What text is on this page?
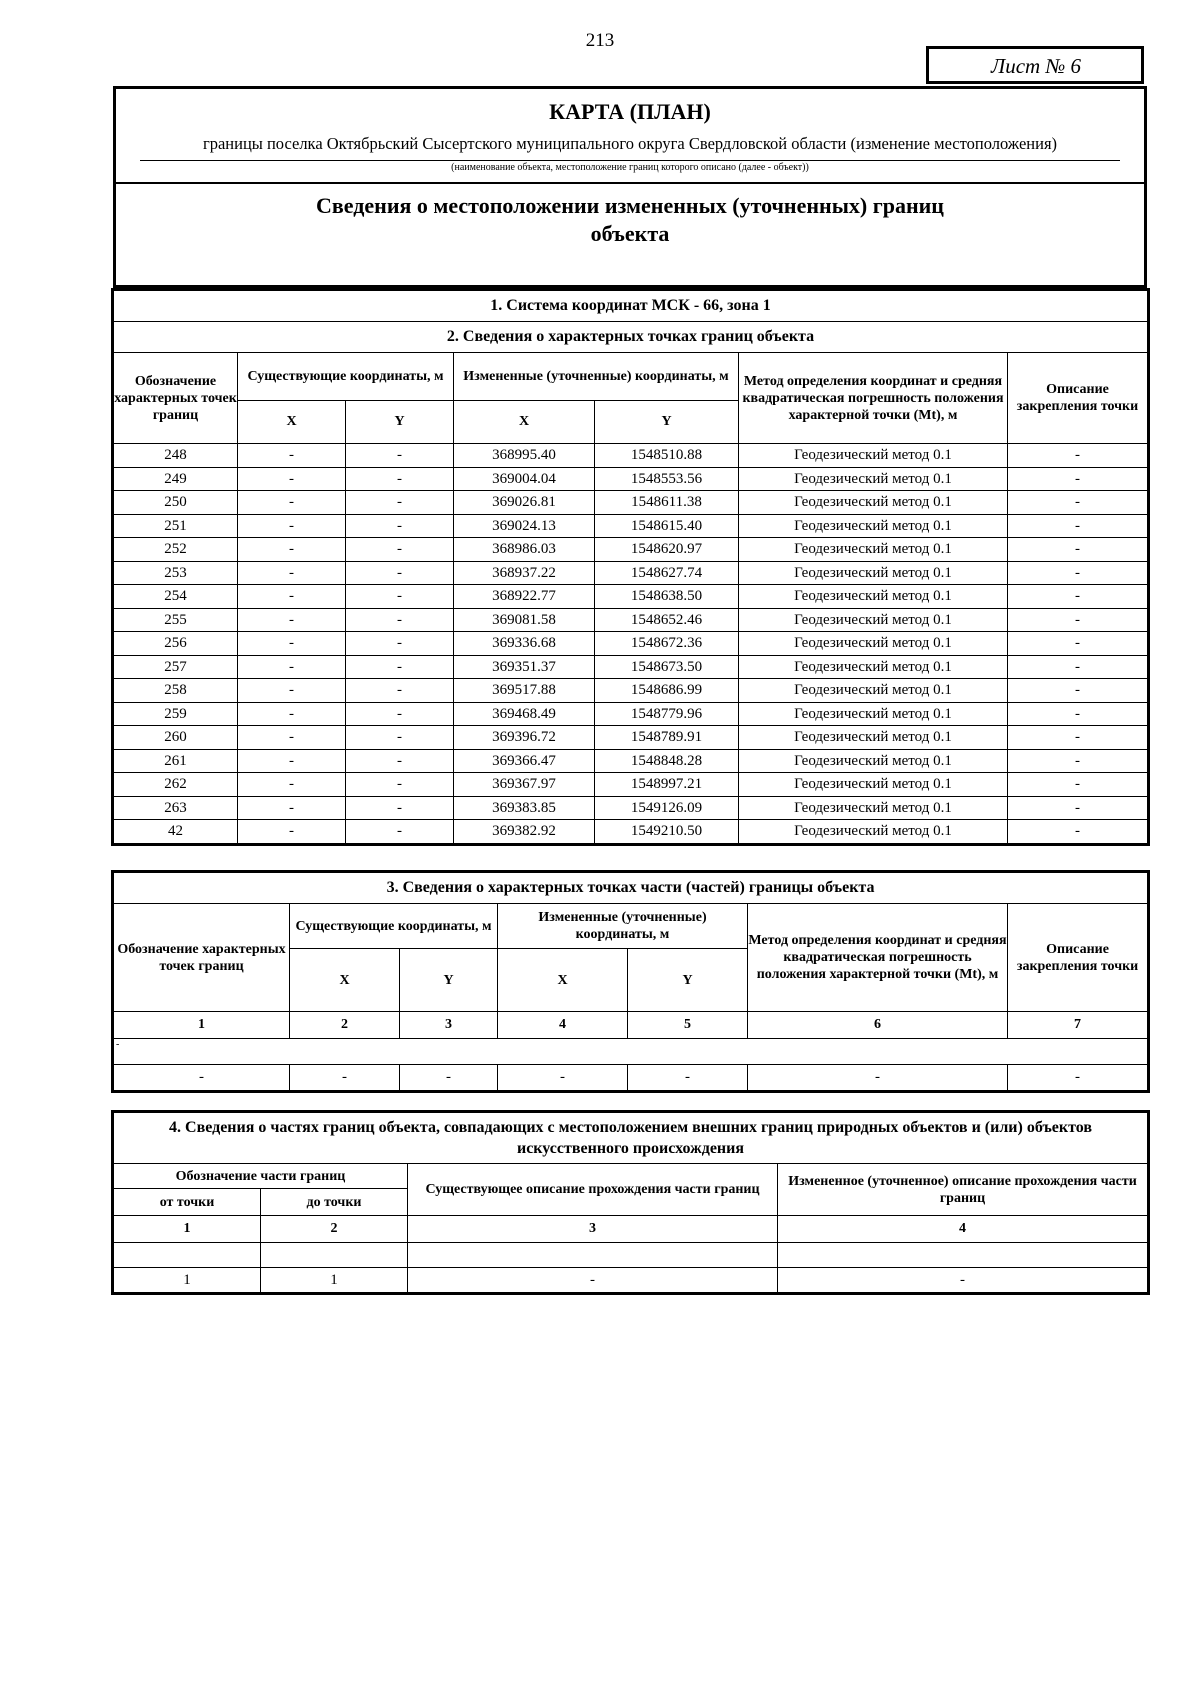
213
Лист № 6
КАРТА (ПЛАН)
границы поселка Октябрьский Сысертского муниципального округа Свердловской области (изменение местоположения)
(наименование объекта, местоположение границ которого описано (далее - объект))
Сведения о местоположении измененных (уточненных) границ
объекта
1. Система координат МСК - 66, зона 1						
2. Сведения о характерных точках границ объекта						
Обозначение характерных точек границ	Существующие координаты, м		Измененные (уточненные) координаты, м		Метод определения координат и средняя квадратическая погрешность положения характерной точки (Mt), м	Описание закрепления точки
	X	Y	X	Y		
248	-	-	368995.40	1548510.88	Геодезический метод 0.1	-
249	-	-	369004.04	1548553.56	Геодезический метод 0.1	-
250	-	-	369026.81	1548611.38	Геодезический метод 0.1	-
251	-	-	369024.13	1548615.40	Геодезический метод 0.1	-
252	-	-	368986.03	1548620.97	Геодезический метод 0.1	-
253	-	-	368937.22	1548627.74	Геодезический метод 0.1	-
254	-	-	368922.77	1548638.50	Геодезический метод 0.1	-
255	-	-	369081.58	1548652.46	Геодезический метод 0.1	-
256	-	-	369336.68	1548672.36	Геодезический метод 0.1	-
257	-	-	369351.37	1548673.50	Геодезический метод 0.1	-
258	-	-	369517.88	1548686.99	Геодезический метод 0.1	-
259	-	-	369468.49	1548779.96	Геодезический метод 0.1	-
260	-	-	369396.72	1548789.91	Геодезический метод 0.1	-
261	-	-	369366.47	1548848.28	Геодезический метод 0.1	-
262	-	-	369367.97	1548997.21	Геодезический метод 0.1	-
263	-	-	369383.85	1549126.09	Геодезический метод 0.1	-
42	-	-	369382.92	1549210.50	Геодезический метод 0.1	-
3. Сведения о характерных точках части (частей) границы объекта						
Обозначение характерных точек границ	Существующие координаты, м		Измененные (уточненные) координаты, м		Метод определения координат и средняя квадратическая погрешность положения характерной точки (Mt), м	Описание закрепления точки
	X	Y	X	Y		
1	2	3	4	5	6	7
-						
-	-	-	-	-	-	-
4. Сведения о частях границ объекта, совпадающих с местоположением внешних границ природных объектов и (или) объектов искусственного происхождения			
Обозначение части границ		Существующее описание прохождения части границ	Измененное (уточненное) описание прохождения части границ
от точки	до точки		
1	2	3	4

1	1	-	-
